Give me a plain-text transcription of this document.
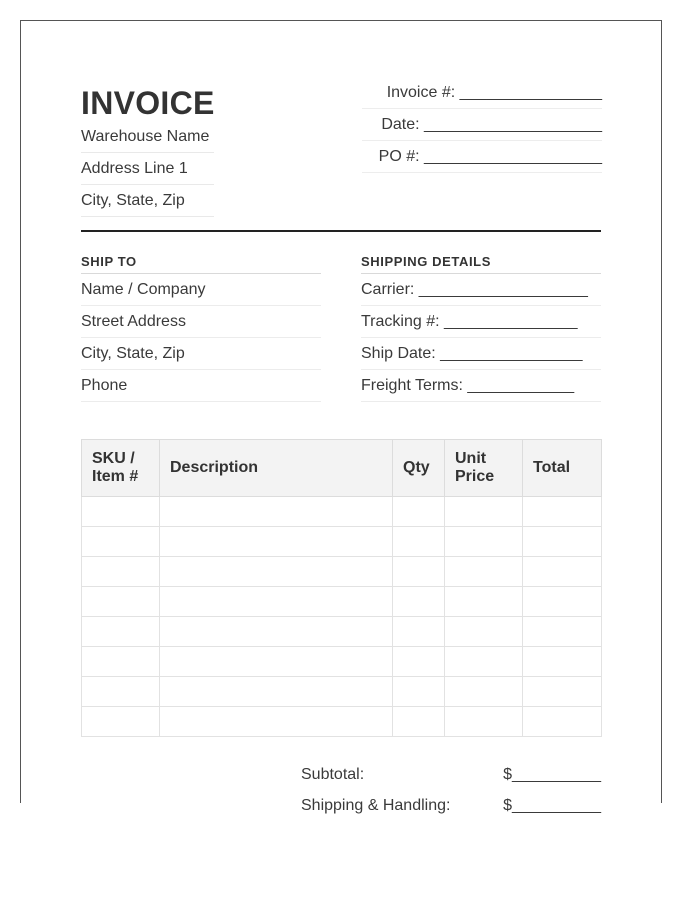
INVOICE
Warehouse Name
Address Line 1
City, State, Zip
Invoice #: ________________
Date: ____________________
PO #: ____________________
SHIP TO
Name / Company
Street Address
City, State, Zip
Phone
SHIPPING DETAILS
Carrier: ___________________
Tracking #: _______________
Ship Date: ________________
Freight Terms: ____________
SKU / Item #	Description	Qty	Unit Price	Total

Subtotal:	$__________
Shipping & Handling:	$__________
